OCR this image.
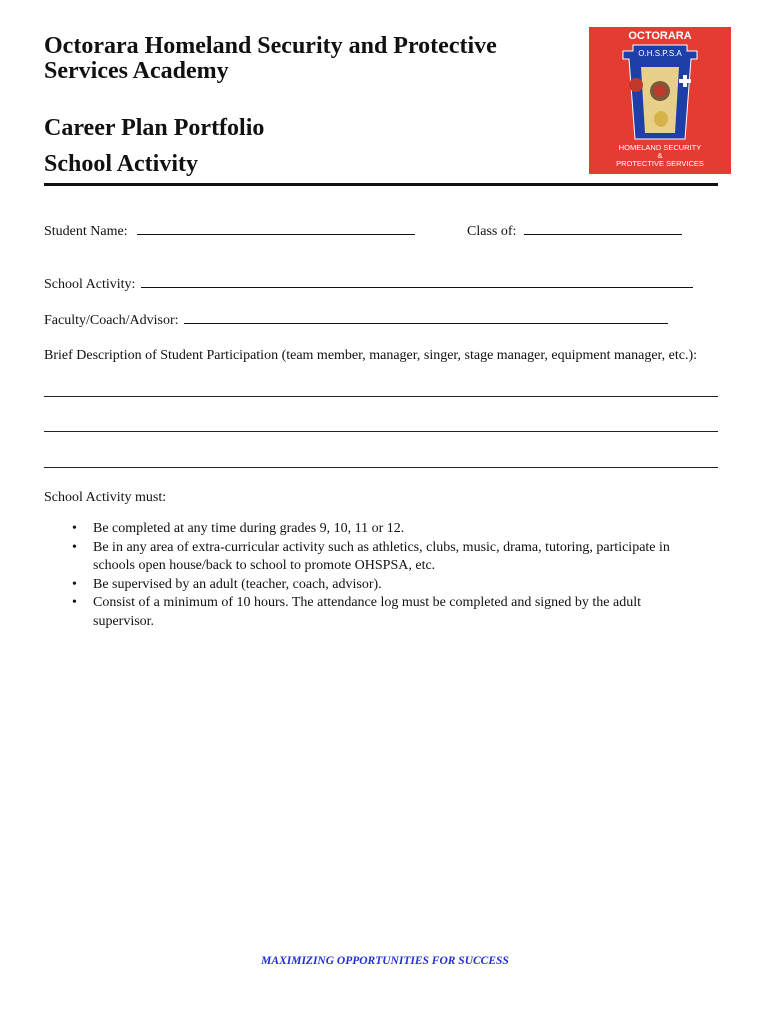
Octorara Homeland Security and Protective Services Academy
Career Plan Portfolio
School Activity
OCTORARA
O.H.S.P.S.A
HOMELAND SECURITY
&
PROTECTIVE SERVICES
Student Name:	Class of:
School Activity:
Faculty/Coach/Advisor:
Brief Description of Student Participation (team member, manager, singer, stage manager, equipment manager, etc.):
School Activity must:
• Be completed at any time during grades 9, 10, 11 or 12.
• Be in any area of extra-curricular activity such as athletics, clubs, music, drama, tutoring, participate in schools open house/back to school to promote OHSPSA, etc.
• Be supervised by an adult (teacher, coach, advisor).
• Consist of a minimum of 10 hours. The attendance log must be completed and signed by the adult supervisor.
MAXIMIZING OPPORTUNITIES FOR SUCCESS
